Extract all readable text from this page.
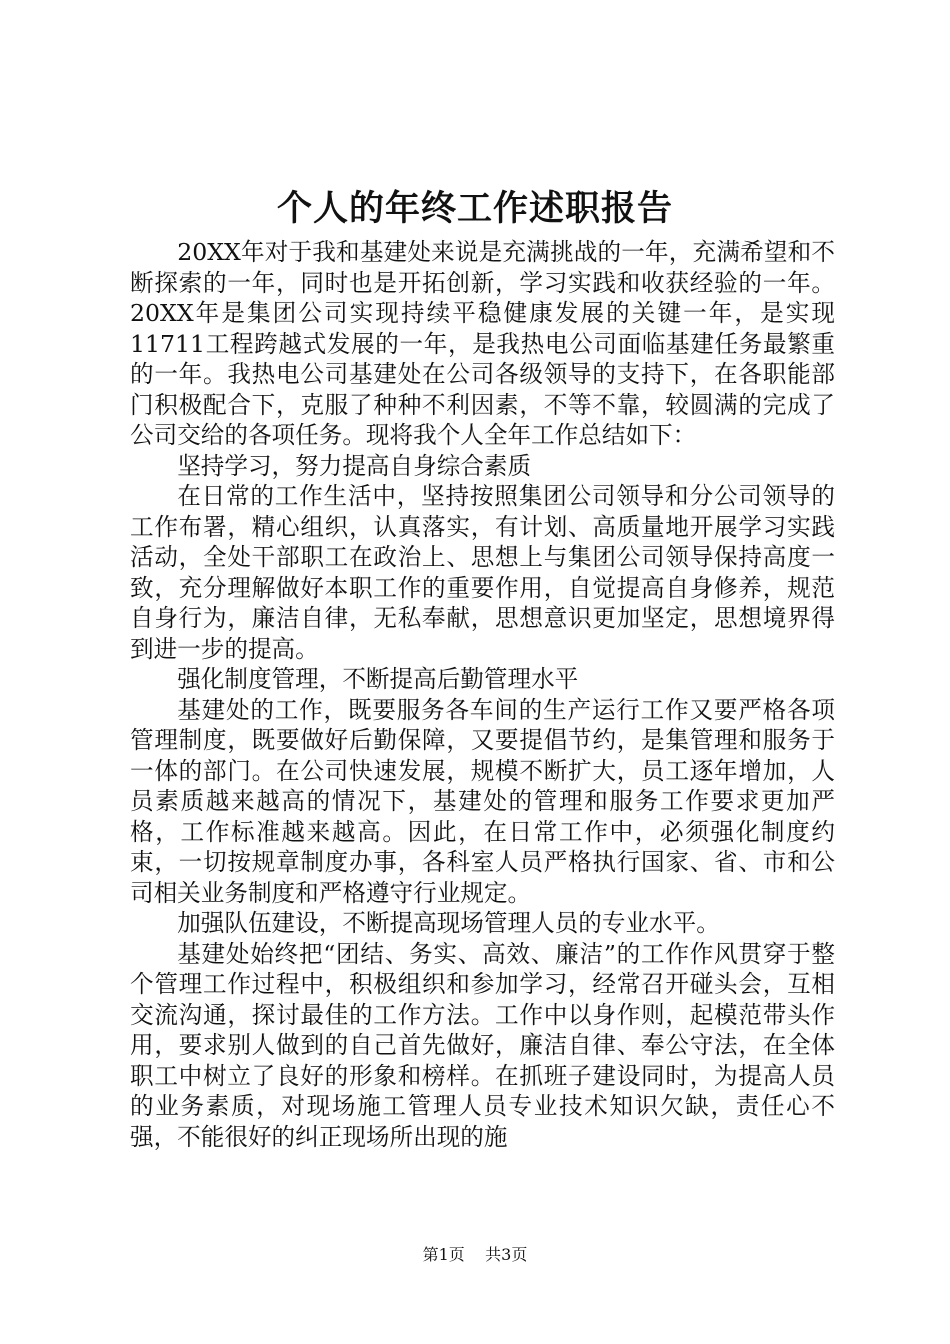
个人的年终工作述职报告

20XX年对于我和基建处来说是充满挑战的一年，充满希望和不断探索的一年，同时也是开拓创新，学习实践和收获经验的一年。20XX年是集团公司实现持续平稳健康发展的关键一年，是实现11711工程跨越式发展的一年，是我热电公司面临基建任务最繁重的一年。我热电公司基建处在公司各级领导的支持下，在各职能部门积极配合下，克服了种种不利因素，不等不靠，较圆满的完成了公司交给的各项任务。现将我个人全年工作总结如下：

坚持学习，努力提高自身综合素质

在日常的工作生活中，坚持按照集团公司领导和分公司领导的工作布署，精心组织，认真落实，有计划、高质量地开展学习实践活动，全处干部职工在政治上、思想上与集团公司领导保持高度一致，充分理解做好本职工作的重要作用，自觉提高自身修养，规范自身行为，廉洁自律，无私奉献，思想意识更加坚定，思想境界得到进一步的提高。

强化制度管理，不断提高后勤管理水平

基建处的工作，既要服务各车间的生产运行工作又要严格各项管理制度，既要做好后勤保障，又要提倡节约，是集管理和服务于一体的部门。在公司快速发展，规模不断扩大，员工逐年增加，人员素质越来越高的情况下，基建处的管理和服务工作要求更加严格，工作标准越来越高。因此，在日常工作中，必须强化制度约束，一切按规章制度办事，各科室人员严格执行国家、省、市和公司相关业务制度和严格遵守行业规定。

加强队伍建设，不断提高现场管理人员的专业水平。

基建处始终把“团结、务实、高效、廉洁”的工作作风贯穿于整个管理工作过程中，积极组织和参加学习，经常召开碰头会，互相交流沟通，探讨最佳的工作方法。工作中以身作则，起模范带头作用，要求别人做到的自己首先做好，廉洁自律、奉公守法，在全体职工中树立了良好的形象和榜样。在抓班子建设同时，为提高人员的业务素质，对现场施工管理人员专业技术知识欠缺，责任心不强，不能很好的纠正现场所出现的施

第1页 共3页
